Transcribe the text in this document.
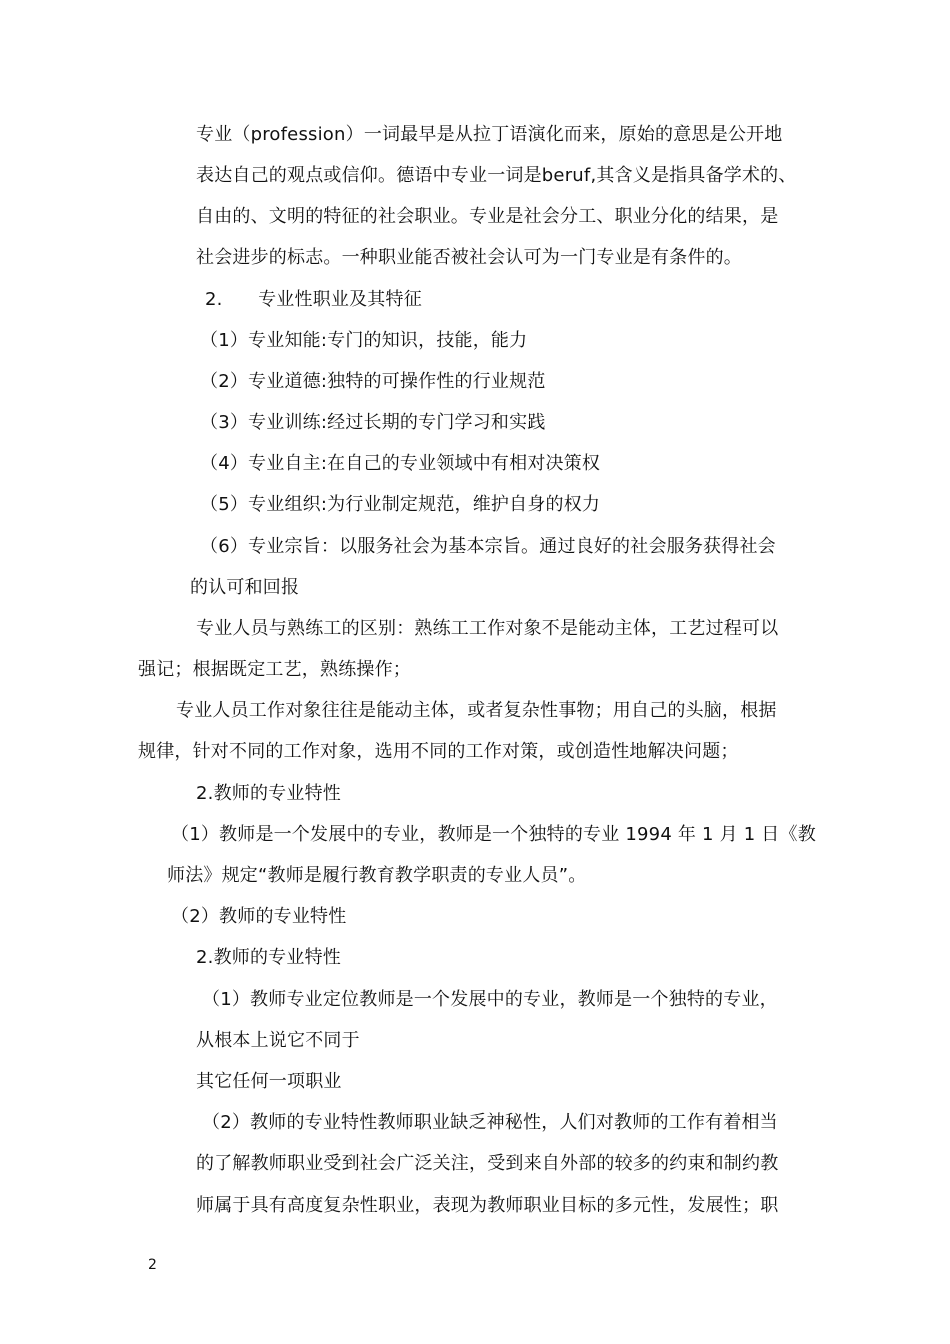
专业（profession）一词最早是从拉丁语演化而来，原始的意思是公开地
表达自己的观点或信仰。德语中专业一词是beruf,其含义是指具备学术的、
自由的、文明的特征的社会职业。专业是社会分工、职业分化的结果，是
社会进步的标志。一种职业能否被社会认可为一门专业是有条件的。
2.      专业性职业及其特征
（1）专业知能:专门的知识，技能，能力
（2）专业道德:独特的可操作性的行业规范
（3）专业训练:经过长期的专门学习和实践
（4）专业自主:在自己的专业领域中有相对决策权
（5）专业组织:为行业制定规范，维护自身的权力
（6）专业宗旨：以服务社会为基本宗旨。通过良好的社会服务获得社会
的认可和回报
专业人员与熟练工的区别：熟练工工作对象不是能动主体，工艺过程可以
强记；根据既定工艺，熟练操作；
专业人员工作对象往往是能动主体，或者复杂性事物；用自己的头脑，根据
规律，针对不同的工作对象，选用不同的工作对策，或创造性地解决问题；
2.教师的专业特性
（1）教师是一个发展中的专业，教师是一个独特的专业 1994 年 1 月 1 日《教
师法》规定“教师是履行教育教学职责的专业人员”。
（2）教师的专业特性
2.教师的专业特性
（1）教师专业定位教师是一个发展中的专业，教师是一个独特的专业，
从根本上说它不同于
其它任何一项职业
（2）教师的专业特性教师职业缺乏神秘性，人们对教师的工作有着相当
的了解教师职业受到社会广泛关注，受到来自外部的较多的约束和制约教
师属于具有高度复杂性职业，表现为教师职业目标的多元性，发展性；职
2
